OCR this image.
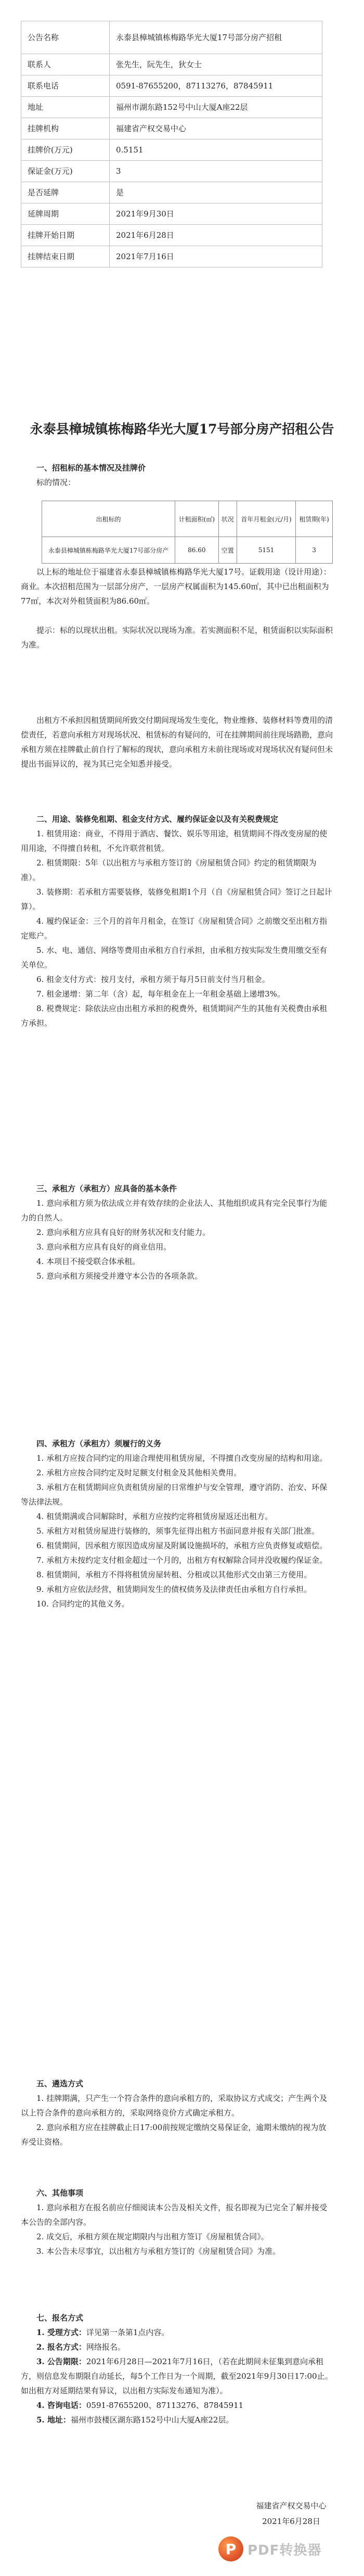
公告名称	永泰县樟城镇栋梅路华光大厦17号部分房产招租
联系人	张先生，阮先生，狄女士
联系电话	0591-87655200，87113276，87845911
地址	福州市湖东路152号中山大厦A座22层
挂牌机构	福建省产权交易中心
挂牌价(万元)	0.5151
保证金(万元)	3
是否延牌	是
延牌周期	2021年9月30日
挂牌开始日期	2021年6月28日
挂牌结束日期	2021年7月16日
永泰县樟城镇栋梅路华光大厦17号部分房产招租公告

一、招租标的基本情况及挂牌价

标的情况：

出租标的	计租面积(㎡)	状况	首年月租金(元/月)	租赁期(年)
永泰县樟城镇栋梅路华光大厦17号部分房产	86.60	空置	5151	3

以上标的地址位于福建省永泰县樟城镇栋梅路华光大厦17号。证载用途（设计用途）：商业。本次招租范围为一层部分房产，一层房产权属面积为145.60㎡，其中已出租面积为77㎡，本次对外租赁面积为86.60㎡。

提示：标的以现状出租。实际状况以现场为准。若实测面积不足，租赁面积以实际面积为准。

出租方不承担因租赁期间所致交付期间现场发生变化，物业维修、装修材料等费用的清偿责任，若意向承租方对现场状况、租赁标的有疑问的，可在挂牌期间前往现场踏勘，意向承租方须在挂牌截止前自行了解标的现状，意向承租方未前往现场或对现场状况有疑问但未提出书面异议的，视为其已完全知悉并接受。

二、用途、装修免租期、租金支付方式、履约保证金以及有关税费规定

1. 租赁用途：商业，不得用于酒店、餐饮、娱乐等用途，租赁期间不得改变房屋的使用用途，不得擅自转租，不允许联营租赁。

2. 租赁期限：5年（以出租方与承租方签订的《房屋租赁合同》约定的租赁期限为准）。

3. 装修期：若承租方需要装修，装修免租期1个月（自《房屋租赁合同》签订之日起计算）。

4. 履约保证金：三个月的首年月租金，在签订《房屋租赁合同》之前缴交至出租方指定账户。

5. 水、电、通信、网络等费用由承租方自行承担，由承租方按实际发生费用缴交至有关单位。

6. 租金支付方式：按月支付，承租方须于每月5日前支付当月租金。

7. 租金递增：第二年（含）起，每年租金在上一年租金基础上递增3%。

8. 税费规定：除依法应由出租方承担的税费外，租赁期间产生的其他有关税费由承租方承担。

三、承租方（承租方）应具备的基本条件

1. 意向承租方须为依法成立并有效存续的企业法人、其他组织或具有完全民事行为能力的自然人。

2. 意向承租方应具有良好的财务状况和支付能力。

3. 意向承租方应具有良好的商业信用。

4. 本项目不接受联合体承租。

5. 意向承租方须接受并遵守本公告的各项条款。

四、承租方（承租方）须履行的义务

1. 承租方应按合同约定的用途合理使用租赁房屋，不得擅自改变房屋的结构和用途。

2. 承租方应按合同约定及时足额支付租金及其他相关费用。

3. 承租方在租赁期间应负责租赁房屋的日常维护与安全管理，遵守消防、治安、环保等法律法规。

4. 租赁期满或合同解除时，承租方应按约定将租赁房屋返还出租方。

5. 承租方对租赁房屋进行装修的，须事先征得出租方书面同意并报有关部门批准。

6. 租赁期间，因承租方原因造成房屋及附属设施损坏的，承租方应负责修复或赔偿。

7. 承租方未按约定支付租金超过一个月的，出租方有权解除合同并没收履约保证金。

8. 租赁期间，承租方不得将租赁房屋转租、分租或以其他形式交由第三方使用。

9. 承租方应依法经营，租赁期间发生的债权债务及法律责任由承租方自行承担。

10. 合同约定的其他义务。

五、遴选方式

1. 挂牌期满，只产生一个符合条件的意向承租方的，采取协议方式成交；产生两个及以上符合条件的意向承租方的，采取网络竞价方式确定承租方。

2. 意向承租方应在挂牌截止日17:00前按规定缴纳交易保证金，逾期未缴纳的视为放弃受让资格。

六、其他事项

1. 意向承租方在报名前应仔细阅读本公告及相关文件，报名即视为已完全了解并接受本公告的全部内容。

2. 成交后，承租方须在规定期限内与出租方签订《房屋租赁合同》。

3. 本公告未尽事宜，以出租方与承租方签订的《房屋租赁合同》为准。

七、报名方式

1. 受理方式：详见第一条第1点内容。

2. 报名方式：网络报名。

3. 公告期限：2021年6月28日—2021年7月16日，（若在此期间未征集到意向承租方，则信息发布期限自动延长，每5个工作日为一个周期，截至2021年9月30日17:00止。如出租方对延期结果有异议，以出租方实际发布通知为准）。

4. 咨询电话：0591-87655200、87113276、87845911

5. 地址：福州市鼓楼区湖东路152号中山大厦A座22层。

福建省产权交易中心
2021年6月28日
P PDF转换器
